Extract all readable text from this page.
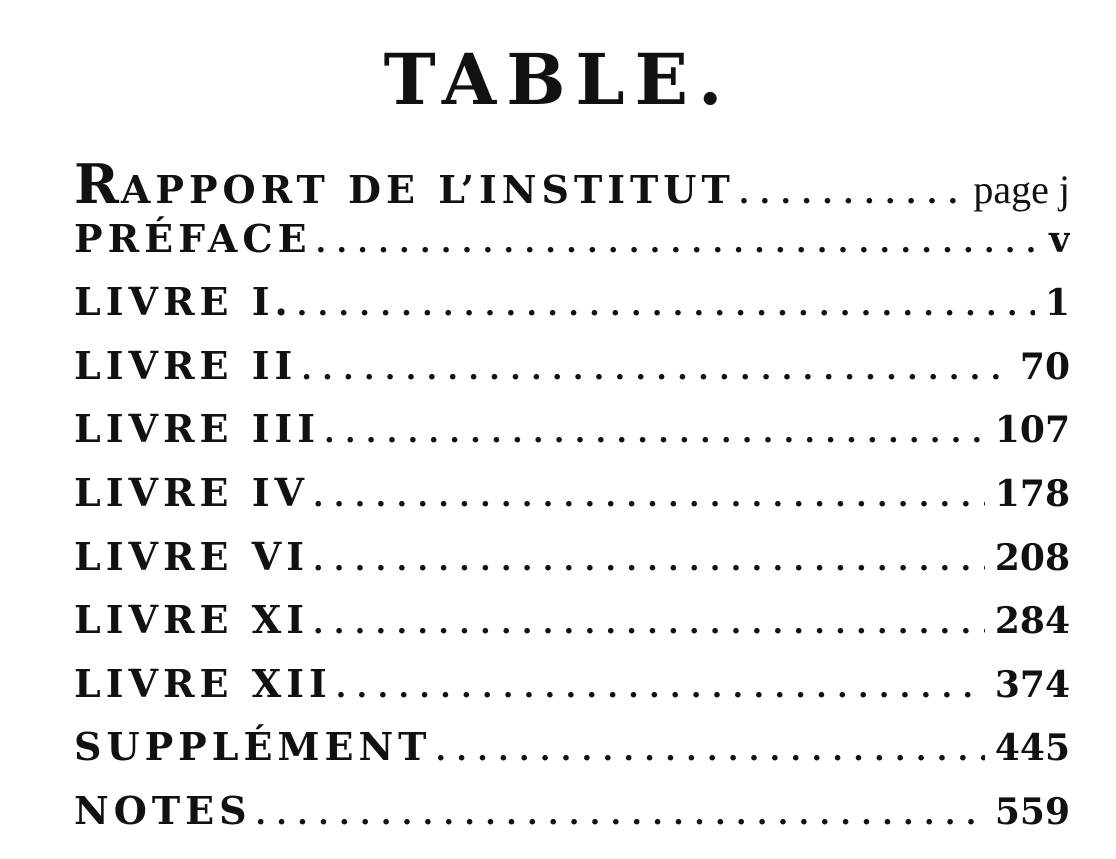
TABLE.
RAPPORT DE L’INSTITUT . . .	page j
PRÉFACE . . .	v
LIVRE I. . . .	1
LIVRE II . . .	70
LIVRE III . . .	107
LIVRE IV . . .	178
LIVRE VI . . .	208
LIVRE XI . . .	284
LIVRE XII . . .	374
SUPPLÉMENT . . .	445
NOTES . . .	559
